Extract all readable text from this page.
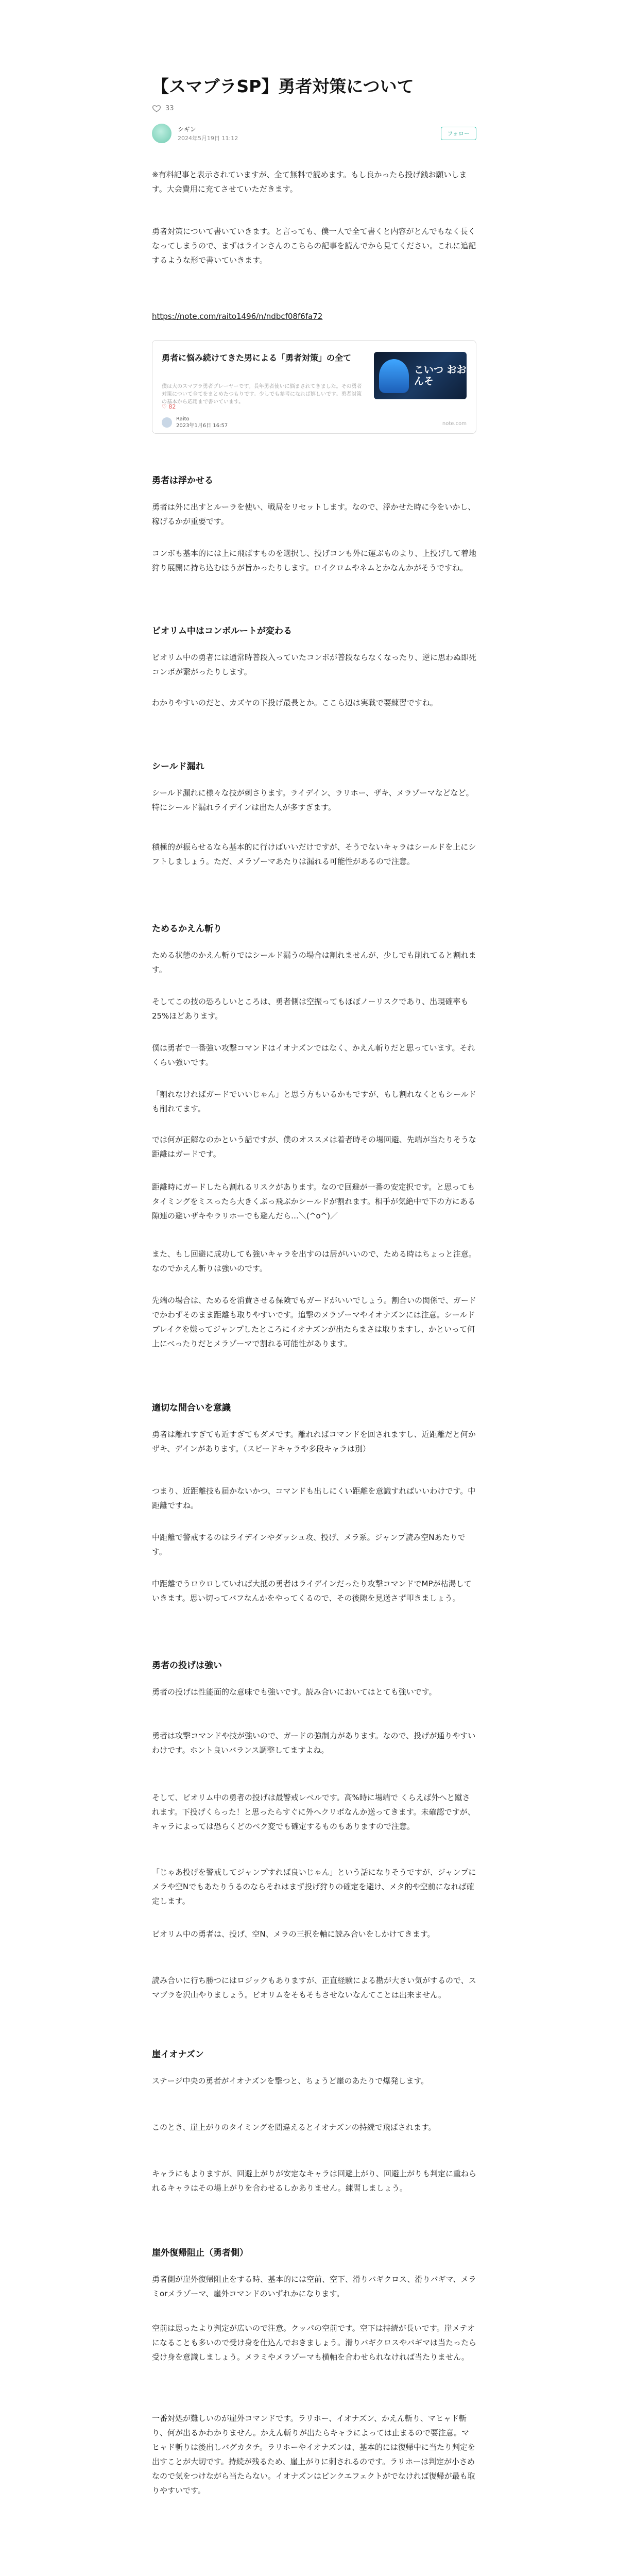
【スマブラSP】勇者対策について
33
シギン
2024年5月19日 11:12
フォロー

※有料記事と表示されていますが、全て無料で読めます。もし良かったら投げ銭お願いします。大会費用に充てさせていただきます。

勇者対策について書いていきます。と言っても、僕一人で全て書くと内容がとんでもなく長くなってしまうので、まずはラインさんのこちらの記事を読んでから見てください。これに追記するような形で書いていきます。

https://note.com/raito1496/n/ndbcf08f6fa72
勇者に悩み続けてきた男による「勇者対策」の全て

僕は大のスマブラ勇者プレーヤーです。長年勇者使いに悩まされてきました。その勇者対策について全てをまとめたつもりです。少しでも参考になれば嬉しいです。勇者対策の基本から応用まで書いています。

こいつ おおんそ
♡ 82
Raito
2023年1月6日 16:57	note.com
勇者は浮かせる

勇者は外に出すとルーラを使い、戦局をリセットします。なので、浮かせた時に今をいかし、稼げるかが重要です。

コンボも基本的には上に飛ばすものを選択し、投げコンも外に運ぶものより、上投げして着地狩り展開に持ち込むほうが旨かったりします。ロイクロムやネムとかなんかがそうですね。

ビオリム中はコンボルートが変わる

ビオリム中の勇者には通常時普段入っていたコンボが普段ならなくなったり、逆に思わぬ即死コンボが繋がったりします。

わかりやすいのだと、カズヤの下投げ最長とか。ここら辺は実戦で要練習ですね。

シールド漏れ

シールド漏れに様々な技が刺さります。ライデイン、ラリホー、ザキ、メラゾーマなどなど。特にシールド漏れライデインは出た人が多すぎます。

積極的が振らせるなら基本的に行けばいいだけですが、そうでないキャラはシールドを上にシフトしましょう。ただ、メラゾーマあたりは漏れる可能性があるので注意。

ためるかえん斬り

ためる状態のかえん斬りではシールド漏うの場合は割れませんが、少しでも削れてると割れます。

そしてこの技の恐ろしいところは、勇者側は空振ってもほぼノーリスクであり、出現確率も25%ほどあります。

僕は勇者で一番強い攻撃コマンドはイオナズンではなく、かえん斬りだと思っています。それくらい強いです。

「割れなければガードでいいじゃん」と思う方もいるかもですが、もし割れなくともシールドも削れてます。

では何が正解なのかという話ですが、僕のオススメは着者時その場回避、先端が当たりそうな距離はガードです。

距離時にガードしたら割れるリスクがあります。なので回避が一番の安定択です。と思ってもタイミングをミスったら大きくぶっ飛ぶかシールドが割れます。相手が気絶中で下の方にある隙連の避いザキやラリホーでも避んだら…＼(^o^)／

また、もし回避に成功しても強いキャラを出すのは居がいいので、ためる時はちょっと注意。なのでかえん斬りは強いのです。

先端の場合は、ためるを消費させる保険でもガードがいいでしょう。割合いの関係で、ガードでかわずそのまま距離も取りやすいです。追撃のメラゾーマやイオナズンには注意。シールドブレイクを嫌ってジャンプしたところにイオナズンが出たらまさは取りますし、かといって何上にべったりだとメラゾーマで割れる可能性があります。

適切な間合いを意識

勇者は離れすぎても近すぎてもダメです。離れればコマンドを回されますし、近距離だと何かザキ、デインがあります。（スピードキャラや多段キャラは別）

つまり、近距離技も届かないかつ、コマンドも出しにくい距離を意識すればいいわけです。中距離ですね。

中距離で警戒するのはライデインやダッシュ攻、投げ、メラ系。ジャンプ読み空Nあたりです。

中距離でうロウロしていれば大抵の勇者はライデインだったり攻撃コマンドでMPが枯渇していきます。思い切ってバフなんかをやってくるので、その後隙を見送さず叩きましょう。

勇者の投げは強い

勇者の投げは性能面的な意味でも強いです。読み合いにおいてはとても強いです。

勇者は攻撃コマンドや技が強いので、ガードの強制力があります。なので、投げが通りやすいわけです。ホント良いバランス調整してますよね。

そして、ビオリム中の勇者の投げは最警戒レベルです。高%時に場端で くらえば外へと蹴されます。下投げくらった！と思ったらすぐに外へクリボなんか送ってきます。未確認ですが、キャラによっては恐らくどのベク変でも確定するものもありますので注意。

「じゃあ投げを警戒してジャンプすれば良いじゃん」という話になりそうですが、ジャンプにメラや空Nでもあたりうるのならそれはまず投げ狩りの確定を避け、メタ的や空前になれば確定します。

ビオリム中の勇者は、投げ、空N、メラの三択を軸に読み合いをしかけてきます。

読み合いに行ち勝つにはロジックもありますが、正直経験による勘が大きい気がするので、スマブラを沢山やりましょう。ビオリムをそもそもさせないなんてことは出来ません。

崖イオナズン

ステージ中央の勇者がイオナズンを撃つと、ちょうど崖のあたりで爆発します。

このとき、崖上がりのタイミングを間違えるとイオナズンの持続で飛ばされます。

キャラにもよりますが、回避上がりが安定なキャラは回避上がり、回避上がりも判定に重ねられるキャラはその場上がりを合わせるしかありません。練習しましょう。

崖外復帰阻止（勇者側）

勇者側が崖外復帰阻止をする時、基本的には空前、空下、滑りバギクロス、滑りバギマ、メラミorメラゾーマ、崖外コマンドのいずれかになります。

空前は思ったより判定が広いので注意。クッパの空前です。空下は持続が長いです。崖メテオになることも多いので受け身を仕込んでおきましょう。滑りバギクロスやバギマは当たったら受け身を意識しましょう。メラミやメラゾーマも横軸を合わせられなければ当たりません。

一番対処が難しいのが崖外コマンドです。ラリホー、イオナズン、かえん斬り、マヒャド斬り、何が出るかわかりません。かえん斬りが出たらキャラによっては止まるので要注意。マヒャド斬りは後出しバグカタチ。ラリホーやイオナズンは、基本的には復帰中に当たり判定を出すことが大切です。持続が残るため、崖上がりに刺されるのです。ラリホーは判定が小さめなので気をつけながら当たらない。イオナズンはピンクエフェクトがでなければ復帰が最も取りやすいです。
